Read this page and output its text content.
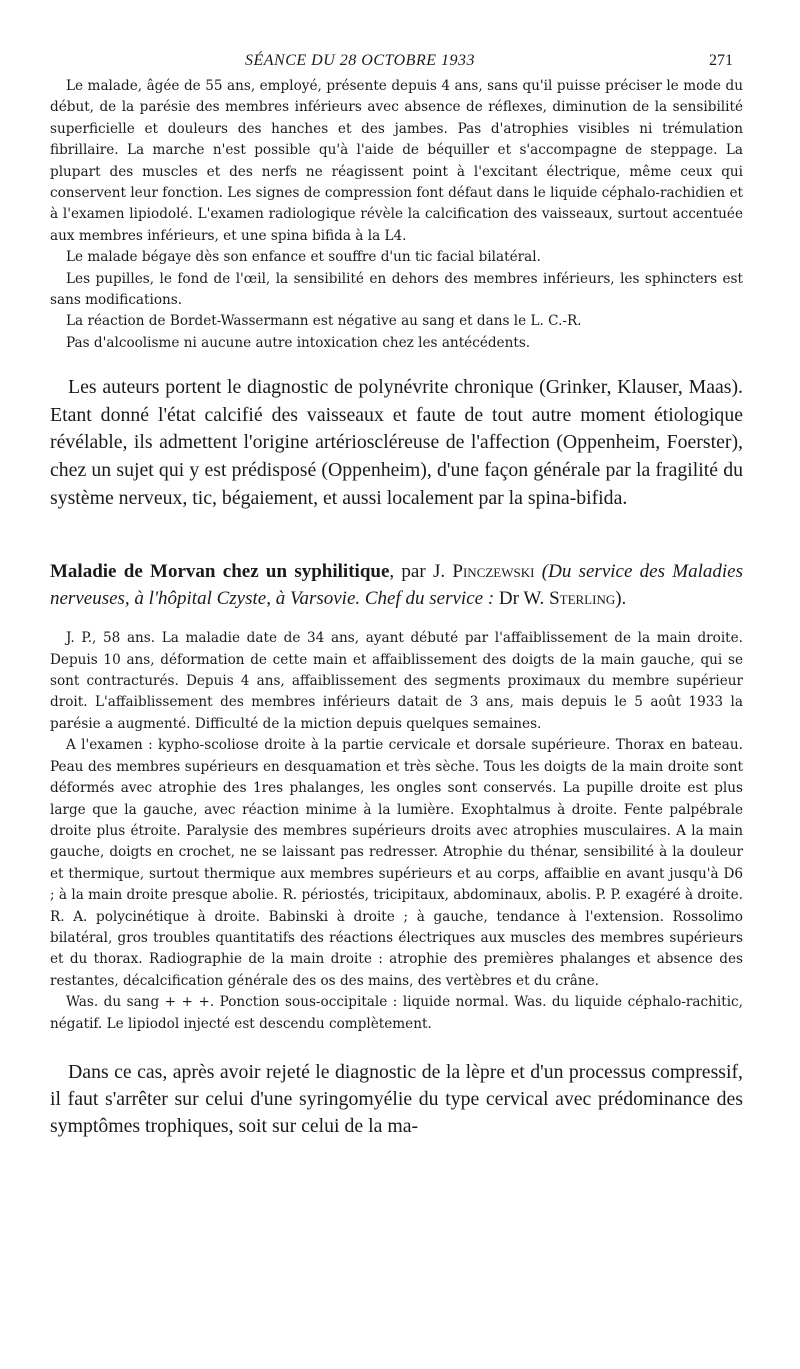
SÉANCE DU 28 OCTOBRE 1933	271

Le malade, âgée de 55 ans, employé, présente depuis 4 ans, sans qu'il puisse préciser le mode du début, de la parésie des membres inférieurs avec absence de réflexes, diminution de la sensibilité superficielle et douleurs des hanches et des jambes. Pas d'atrophies visibles ni trémulation fibrillaire. La marche n'est possible qu'à l'aide de béquiller et s'accompagne de steppage. La plupart des muscles et des nerfs ne réagissent point à l'excitant électrique, même ceux qui conservent leur fonction. Les signes de compression font défaut dans le liquide céphalo-rachidien et à l'examen lipiodolé. L'examen radiologique révèle la calcification des vaisseaux, surtout accentuée aux membres inférieurs, et une spina bifida à la L4.

Le malade bégaye dès son enfance et souffre d'un tic facial bilatéral.

Les pupilles, le fond de l'œil, la sensibilité en dehors des membres inférieurs, les sphincters est sans modifications.

La réaction de Bordet-Wassermann est négative au sang et dans le L. C.-R.

Pas d'alcoolisme ni aucune autre intoxication chez les antécédents.

Les auteurs portent le diagnostic de polynévrite chronique (Grinker, Klauser, Maas). Etant donné l'état calcifié des vaisseaux et faute de tout autre moment étiologique révélable, ils admettent l'origine artérioscléreuse de l'affection (Oppenheim, Foerster), chez un sujet qui y est prédisposé (Oppenheim), d'une façon générale par la fragilité du système nerveux, tic, bégaiement, et aussi localement par la spina-bifida.
Maladie de Morvan chez un syphilitique, par J. Pinczewski (Du service des Maladies nerveuses, à l'hôpital Czyste, à Varsovie. Chef du service : Dr W. Sterling).

J. P., 58 ans. La maladie date de 34 ans, ayant débuté par l'affaiblissement de la main droite. Depuis 10 ans, déformation de cette main et affaiblissement des doigts de la main gauche, qui se sont contracturés. Depuis 4 ans, affaiblissement des segments proximaux du membre supérieur droit. L'affaiblissement des membres inférieurs datait de 3 ans, mais depuis le 5 août 1933 la parésie a augmenté. Difficulté de la miction depuis quelques semaines.

A l'examen : kypho-scoliose droite à la partie cervicale et dorsale supérieure. Thorax en bateau. Peau des membres supérieurs en desquamation et très sèche. Tous les doigts de la main droite sont déformés avec atrophie des 1res phalanges, les ongles sont conservés. La pupille droite est plus large que la gauche, avec réaction minime à la lumière. Exophtalmus à droite. Fente palpébrale droite plus étroite. Paralysie des membres supérieurs droits avec atrophies musculaires. A la main gauche, doigts en crochet, ne se laissant pas redresser. Atrophie du thénar, sensibilité à la douleur et thermique, surtout thermique aux membres supérieurs et au corps, affaiblie en avant jusqu'à D6 ; à la main droite presque abolie. R. périostés, tricipitaux, abdominaux, abolis. P. P. exagéré à droite. R. A. polycinétique à droite. Babinski à droite ; à gauche, tendance à l'extension. Rossolimo bilatéral, gros troubles quantitatifs des réactions électriques aux muscles des membres supérieurs et du thorax. Radiographie de la main droite : atrophie des premières phalanges et absence des restantes, décalcification générale des os des mains, des vertèbres et du crâne.

Was. du sang + + +. Ponction sous-occipitale : liquide normal. Was. du liquide céphalo-rachitic, négatif. Le lipiodol injecté est descendu complètement.

Dans ce cas, après avoir rejeté le diagnostic de la lèpre et d'un processus compressif, il faut s'arrêter sur celui d'une syringomyélie du type cervical avec prédominance des symptômes trophiques, soit sur celui de la ma-
